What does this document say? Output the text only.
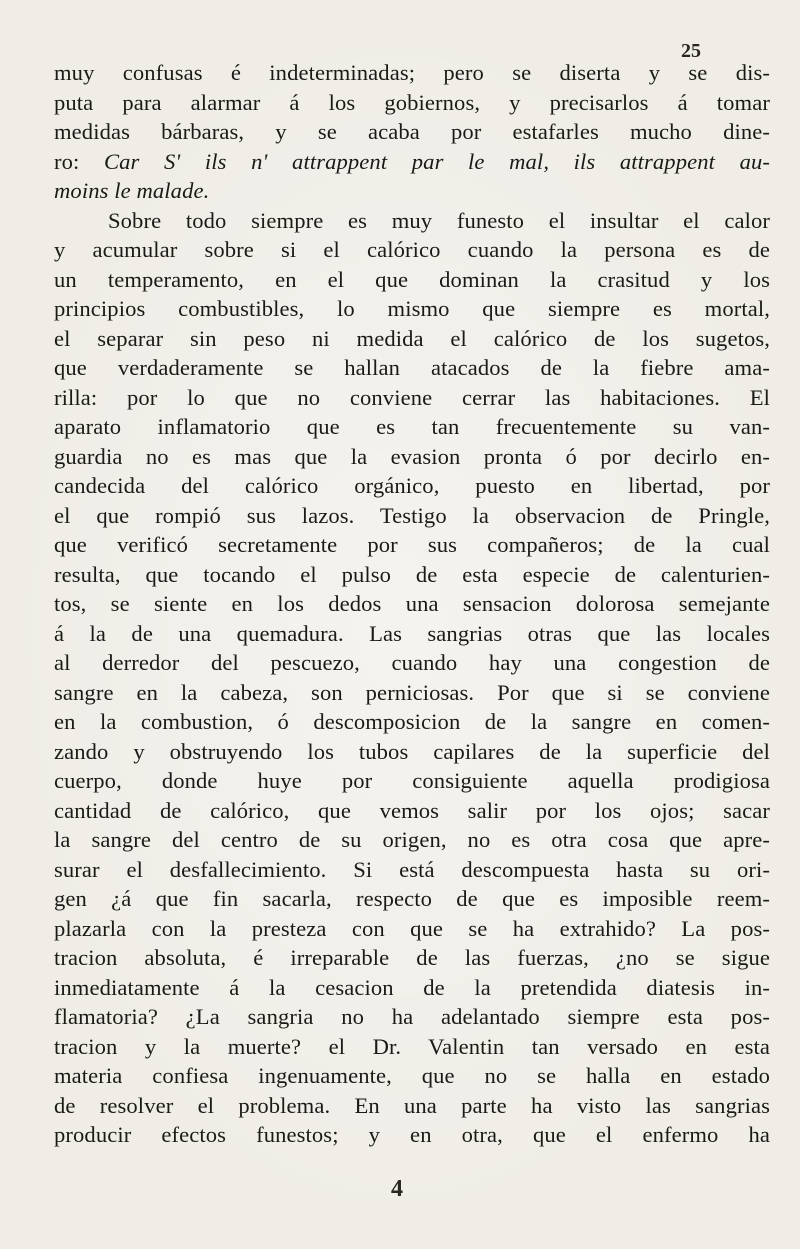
25
muy confusas é indeterminadas; pero se diserta y se dis-
puta para alarmar á los gobiernos, y precisarlos á tomar
medidas bárbaras, y se acaba por estafarles mucho dine-
ro: Car S' ils n' attrappent par le mal, ils attrappent au-
moins le malade.
Sobre todo siempre es muy funesto el insultar el calor
y acumular sobre si el calórico cuando la persona es de
un temperamento, en el que dominan la crasitud y los
principios combustibles, lo mismo que siempre es mortal,
el separar sin peso ni medida el calórico de los sugetos,
que verdaderamente se hallan atacados de la fiebre ama-
rilla: por lo que no conviene cerrar las habitaciones. El
aparato inflamatorio que es tan frecuentemente su van-
guardia no es mas que la evasion pronta ó por decirlo en-
candecida del calórico orgánico, puesto en libertad, por
el que rompió sus lazos. Testigo la observacion de Pringle,
que verificó secretamente por sus compañeros; de la cual
resulta, que tocando el pulso de esta especie de calenturien-
tos, se siente en los dedos una sensacion dolorosa semejante
á la de una quemadura. Las sangrias otras que las locales
al derredor del pescuezo, cuando hay una congestion de
sangre en la cabeza, son perniciosas. Por que si se conviene
en la combustion, ó descomposicion de la sangre en comen-
zando y obstruyendo los tubos capilares de la superficie del
cuerpo, donde huye por consiguiente aquella prodigiosa
cantidad de calórico, que vemos salir por los ojos; sacar
la sangre del centro de su origen, no es otra cosa que apre-
surar el desfallecimiento. Si está descompuesta hasta su ori-
gen ¿á que fin sacarla, respecto de que es imposible reem-
plazarla con la presteza con que se ha extrahido? La pos-
tracion absoluta, é irreparable de las fuerzas, ¿no se sigue
inmediatamente á la cesacion de la pretendida diatesis in-
flamatoria? ¿La sangria no ha adelantado siempre esta pos-
tracion y la muerte? el Dr. Valentin tan versado en esta
materia confiesa ingenuamente, que no se halla en estado
de resolver el problema. En una parte ha visto las sangrias
producir efectos funestos; y en otra, que el enfermo ha
4
